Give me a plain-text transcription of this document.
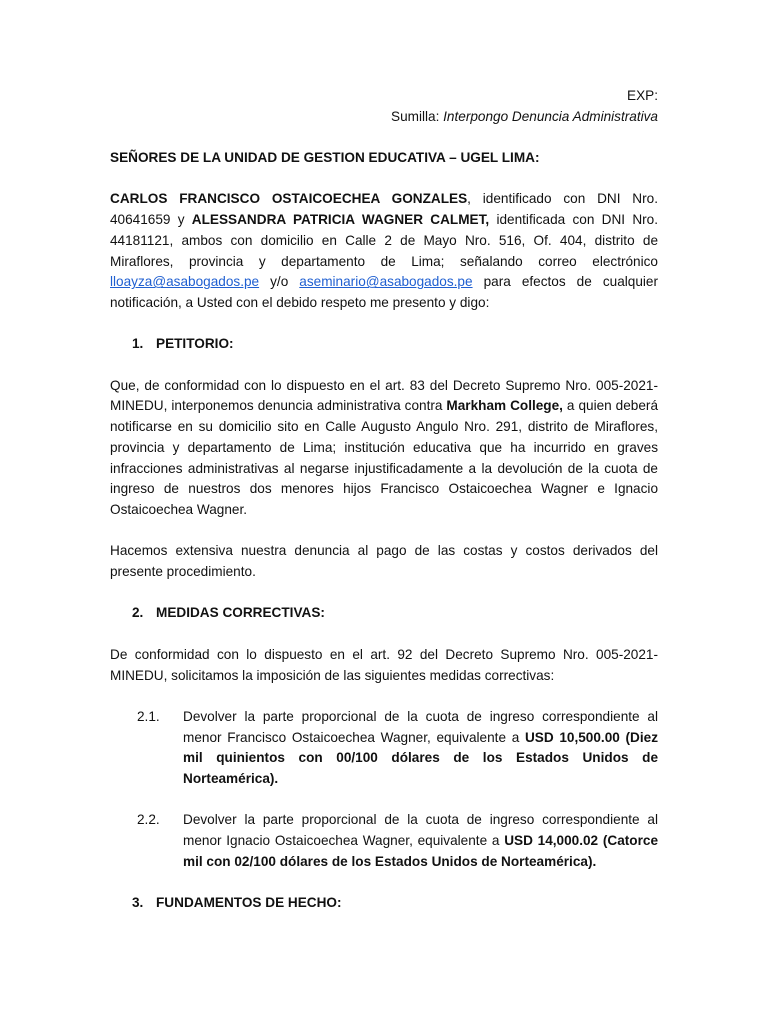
EXP:

Sumilla: Interpongo Denuncia Administrativa

SEÑORES DE LA UNIDAD DE GESTION EDUCATIVA – UGEL LIMA:

CARLOS FRANCISCO OSTAICOECHEA GONZALES, identificado con DNI Nro. 40641659 y ALESSANDRA PATRICIA WAGNER CALMET, identificada con DNI Nro. 44181121, ambos con domicilio en Calle 2 de Mayo Nro. 516, Of. 404, distrito de Miraflores, provincia y departamento de Lima; señalando correo electrónico lloayza@asabogados.pe y/o aseminario@asabogados.pe para efectos de cualquier notificación, a Usted con el debido respeto me presento y digo:

1. PETITORIO:

Que, de conformidad con lo dispuesto en el art. 83 del Decreto Supremo Nro. 005-2021-MINEDU, interponemos denuncia administrativa contra Markham College, a quien deberá notificarse en su domicilio sito en Calle Augusto Angulo Nro. 291, distrito de Miraflores, provincia y departamento de Lima; institución educativa que ha incurrido en graves infracciones administrativas al negarse injustificadamente a la devolución de la cuota de ingreso de nuestros dos menores hijos Francisco Ostaicoechea Wagner e Ignacio Ostaicoechea Wagner.

Hacemos extensiva nuestra denuncia al pago de las costas y costos derivados del presente procedimiento.

2. MEDIDAS CORRECTIVAS:

De conformidad con lo dispuesto en el art. 92 del Decreto Supremo Nro. 005-2021-MINEDU, solicitamos la imposición de las siguientes medidas correctivas:

2.1.	Devolver la parte proporcional de la cuota de ingreso correspondiente al menor Francisco Ostaicoechea Wagner, equivalente a USD 10,500.00 (Diez mil quinientos con 00/100 dólares de los Estados Unidos de Norteamérica).
2.2.	Devolver la parte proporcional de la cuota de ingreso correspondiente al menor Ignacio Ostaicoechea Wagner, equivalente a USD 14,000.02 (Catorce mil con 02/100 dólares de los Estados Unidos de Norteamérica).
3. FUNDAMENTOS DE HECHO:
